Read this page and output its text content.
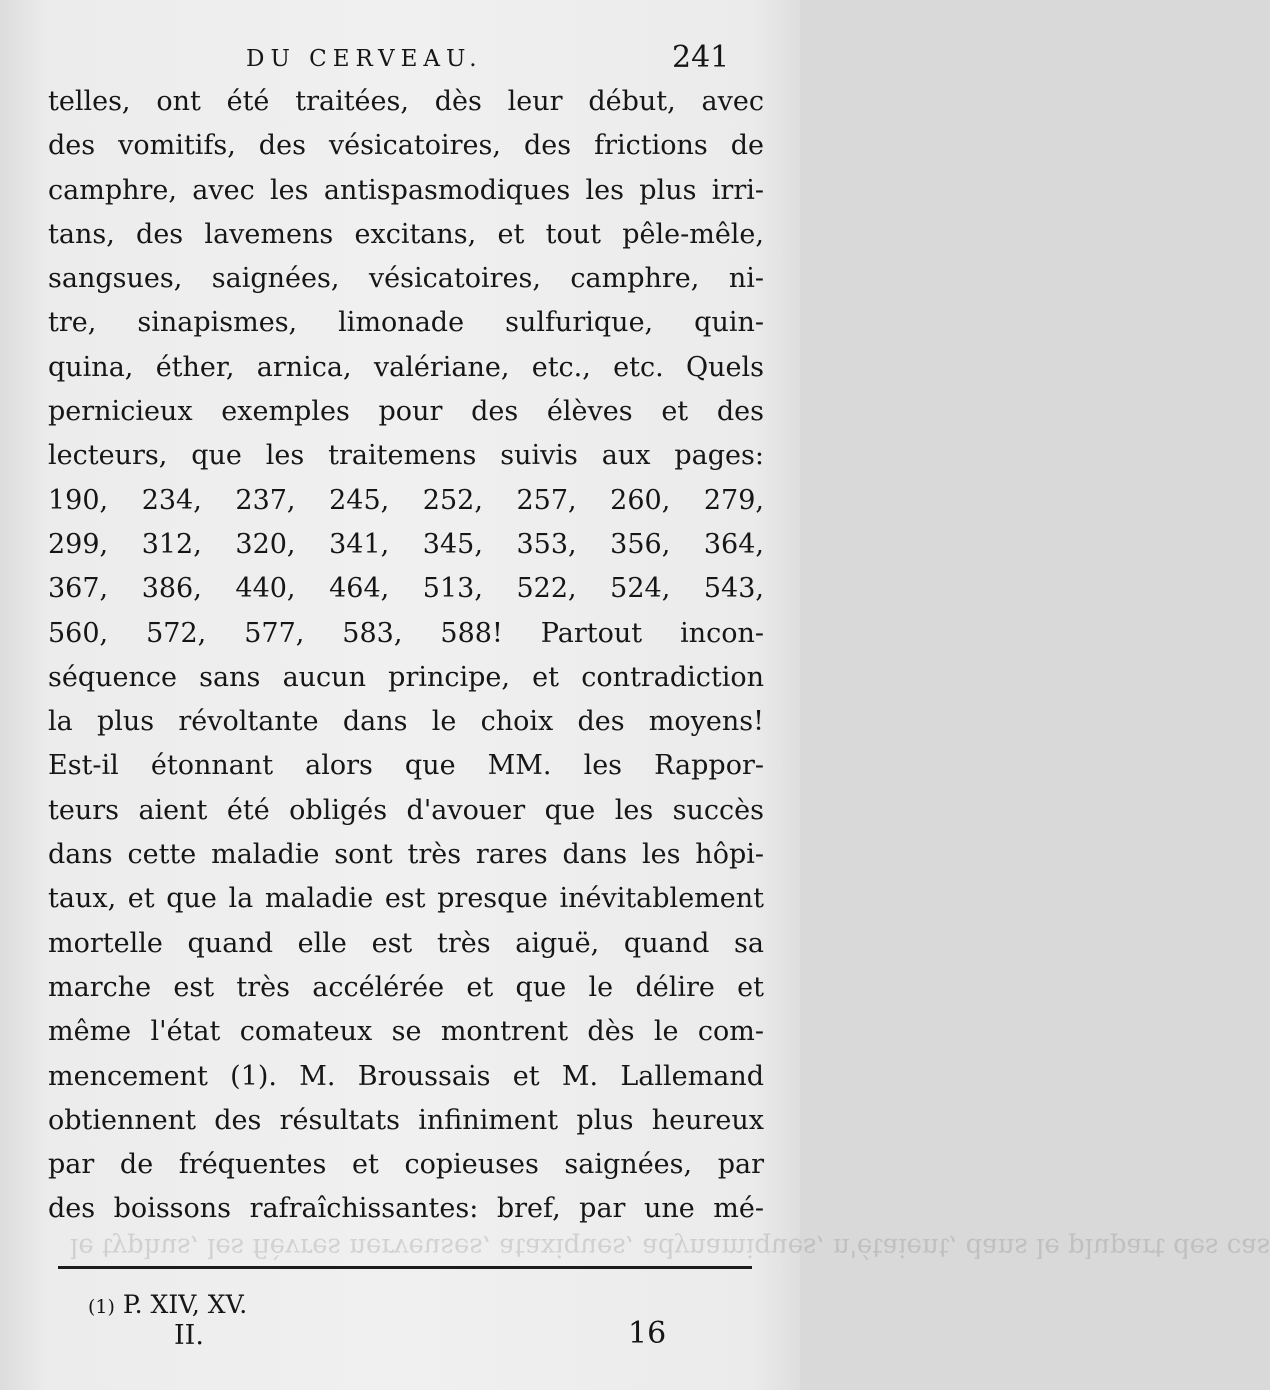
le typhus, les fièvres nerveuses, ataxiques, adynamiques, n'étaient, dans le plupart des cas
DU CERVEAU.	241
telles, ont été traitées, dès leur début, avec
des vomitifs, des vésicatoires, des frictions de
camphre, avec les antispasmodiques les plus irri-
tans, des lavemens excitans, et tout pêle-mêle,
sangsues, saignées, vésicatoires, camphre, ni-
tre, sinapismes, limonade sulfurique, quin-
quina, éther, arnica, valériane, etc., etc. Quels
pernicieux exemples pour des élèves et des
lecteurs, que les traitemens suivis aux pages:
190, 234, 237, 245, 252, 257, 260, 279,
299, 312, 320, 341, 345, 353, 356, 364,
367, 386, 440, 464, 513, 522, 524, 543,
560, 572, 577, 583, 588! Partout incon-
séquence sans aucun principe, et contradiction
la plus révoltante dans le choix des moyens!
Est-il étonnant alors que MM. les Rappor-
teurs aient été obligés d'avouer que les succès
dans cette maladie sont très rares dans les hôpi-
taux, et que la maladie est presque inévitablement
mortelle quand elle est très aiguë, quand sa
marche est très accélérée et que le délire et
même l'état comateux se montrent dès le com-
mencement (1). M. Broussais et M. Lallemand
obtiennent des résultats infiniment plus heureux
par de fréquentes et copieuses saignées, par
des boissons rafraîchissantes: bref, par une mé-
(1) P. XIV, XV.
II.	16
